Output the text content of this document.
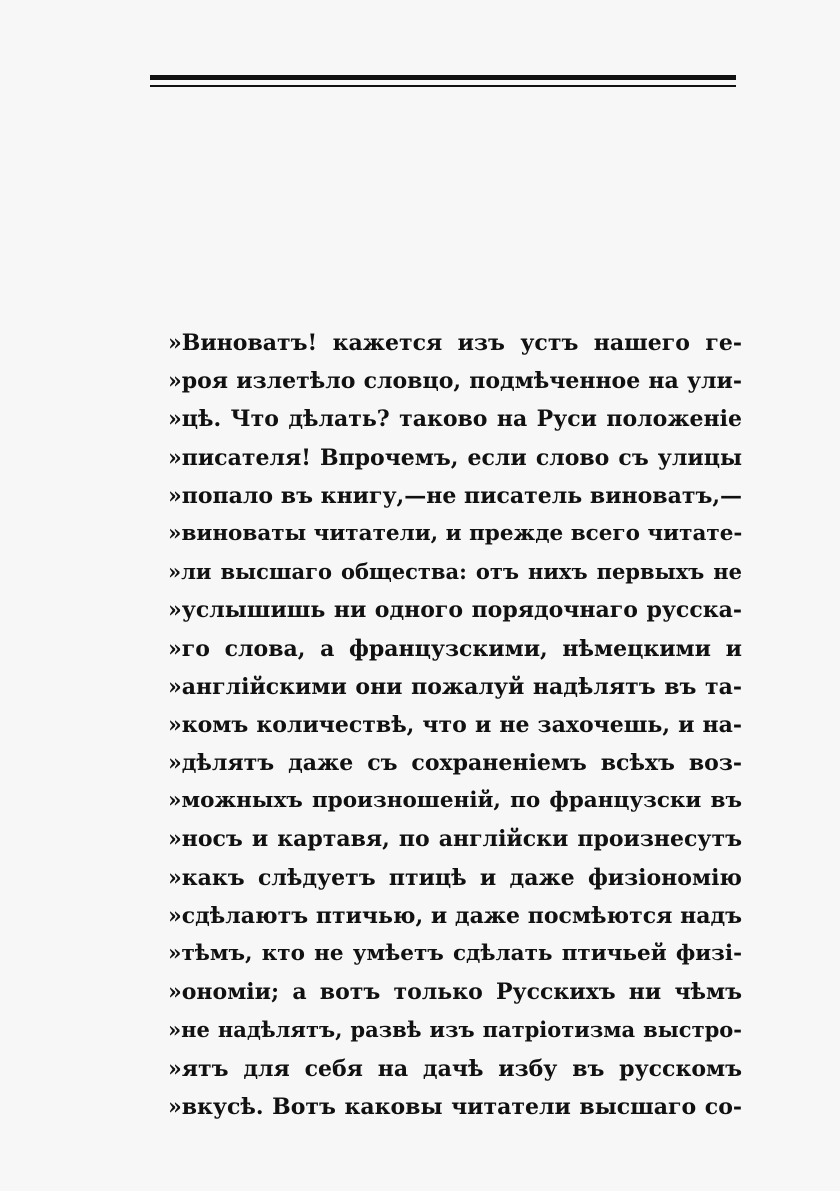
»Виноватъ! кажется изъ устъ нашего ге-
»роя излетѣло словцо, подмѣченное на ули-
»цѣ. Что дѣлать? таково на Руси положеніе
»писателя! Впрочемъ, если слово съ улицы
»попало въ книгу,—не писатель виноватъ,—
»виноваты читатели, и прежде всего читате-
»ли высшаго общества: отъ нихъ первыхъ не
»услышишь ни одного порядочнаго русска-
»го слова, а французскими, нѣмецкими и
»англійскими они пожалуй надѣлятъ въ та-
»комъ количествѣ, что и не захочешь, и на-
»дѣлятъ даже съ сохраненіемъ всѣхъ воз-
»можныхъ произношеній, по французски въ
»носъ и картавя, по англійски произнесутъ
»какъ слѣдуетъ птицѣ и даже физіономію
»сдѣлаютъ птичью, и даже посмѣются надъ
»тѣмъ, кто не умѣетъ сдѣлать птичьей физі-
»ономіи; а вотъ только Русскихъ ни чѣмъ
»не надѣлятъ, развѣ изъ патріотизма выстро-
»ятъ для себя на дачѣ избу въ русскомъ
»вкусѣ. Вотъ каковы читатели высшаго со-
